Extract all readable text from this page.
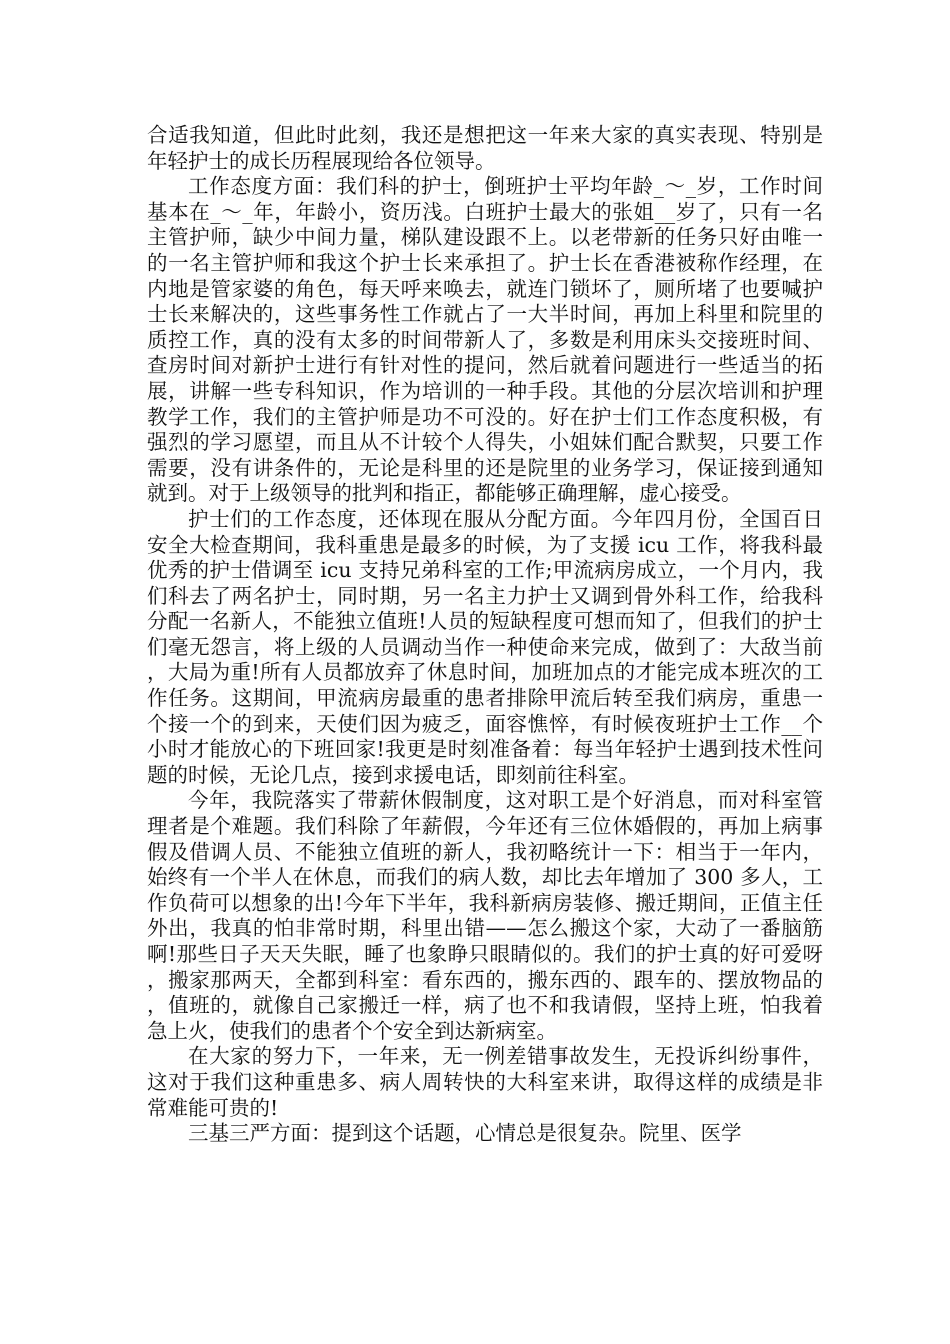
合适我知道，但此时此刻，我还是想把这一年来大家的真实表现、特别是年轻护士的成长历程展现给各位领导。

工作态度方面：我们科的护士，倒班护士平均年龄_～_岁，工作时间基本在_～_年，年龄小，资历浅。白班护士最大的张姐__岁了，只有一名主管护师，缺少中间力量，梯队建设跟不上。以老带新的任务只好由唯一的一名主管护师和我这个护士长来承担了。护士长在香港被称作经理，在内地是管家婆的角色，每天呼来唤去，就连门锁坏了，厕所堵了也要喊护士长来解决的，这些事务性工作就占了一大半时间，再加上科里和院里的质控工作，真的没有太多的时间带新人了，多数是利用床头交接班时间、查房时间对新护士进行有针对性的提问，然后就着问题进行一些适当的拓展，讲解一些专科知识，作为培训的一种手段。其他的分层次培训和护理教学工作，我们的主管护师是功不可没的。好在护士们工作态度积极，有强烈的学习愿望，而且从不计较个人得失，小姐妹们配合默契，只要工作需要，没有讲条件的，无论是科里的还是院里的业务学习，保证接到通知就到。对于上级领导的批判和指正，都能够正确理解，虚心接受。

护士们的工作态度，还体现在服从分配方面。今年四月份，全国百日安全大检查期间，我科重患是最多的时候，为了支援 icu 工作，将我科最优秀的护士借调至 icu 支持兄弟科室的工作;甲流病房成立，一个月内，我们科去了两名护士，同时期，另一名主力护士又调到骨外科工作，给我科分配一名新人，不能独立值班!人员的短缺程度可想而知了，但我们的护士们毫无怨言，将上级的人员调动当作一种使命来完成，做到了：大敌当前，大局为重!所有人员都放弃了休息时间，加班加点的才能完成本班次的工作任务。这期间，甲流病房最重的患者排除甲流后转至我们病房，重患一个接一个的到来，天使们因为疲乏，面容憔悴，有时候夜班护士工作__个小时才能放心的下班回家!我更是时刻准备着：每当年轻护士遇到技术性问题的时候，无论几点，接到求援电话，即刻前往科室。

今年，我院落实了带薪休假制度，这对职工是个好消息，而对科室管理者是个难题。我们科除了年薪假，今年还有三位休婚假的，再加上病事假及借调人员、不能独立值班的新人，我初略统计一下：相当于一年内，始终有一个半人在休息，而我们的病人数，却比去年增加了 300 多人，工作负荷可以想象的出!今年下半年，我科新病房装修、搬迁期间，正值主任外出，我真的怕非常时期，科里出错——怎么搬这个家，大动了一番脑筋啊!那些日子天天失眠，睡了也象睁只眼睛似的。我们的护士真的好可爱呀，搬家那两天，全都到科室：看东西的，搬东西的、跟车的、摆放物品的，值班的，就像自己家搬迁一样，病了也不和我请假，坚持上班，怕我着急上火，使我们的患者个个安全到达新病室。

在大家的努力下，一年来，无一例差错事故发生，无投诉纠纷事件，这对于我们这种重患多、病人周转快的大科室来讲，取得这样的成绩是非常难能可贵的!

三基三严方面：提到这个话题，心情总是很复杂。院里、医学
